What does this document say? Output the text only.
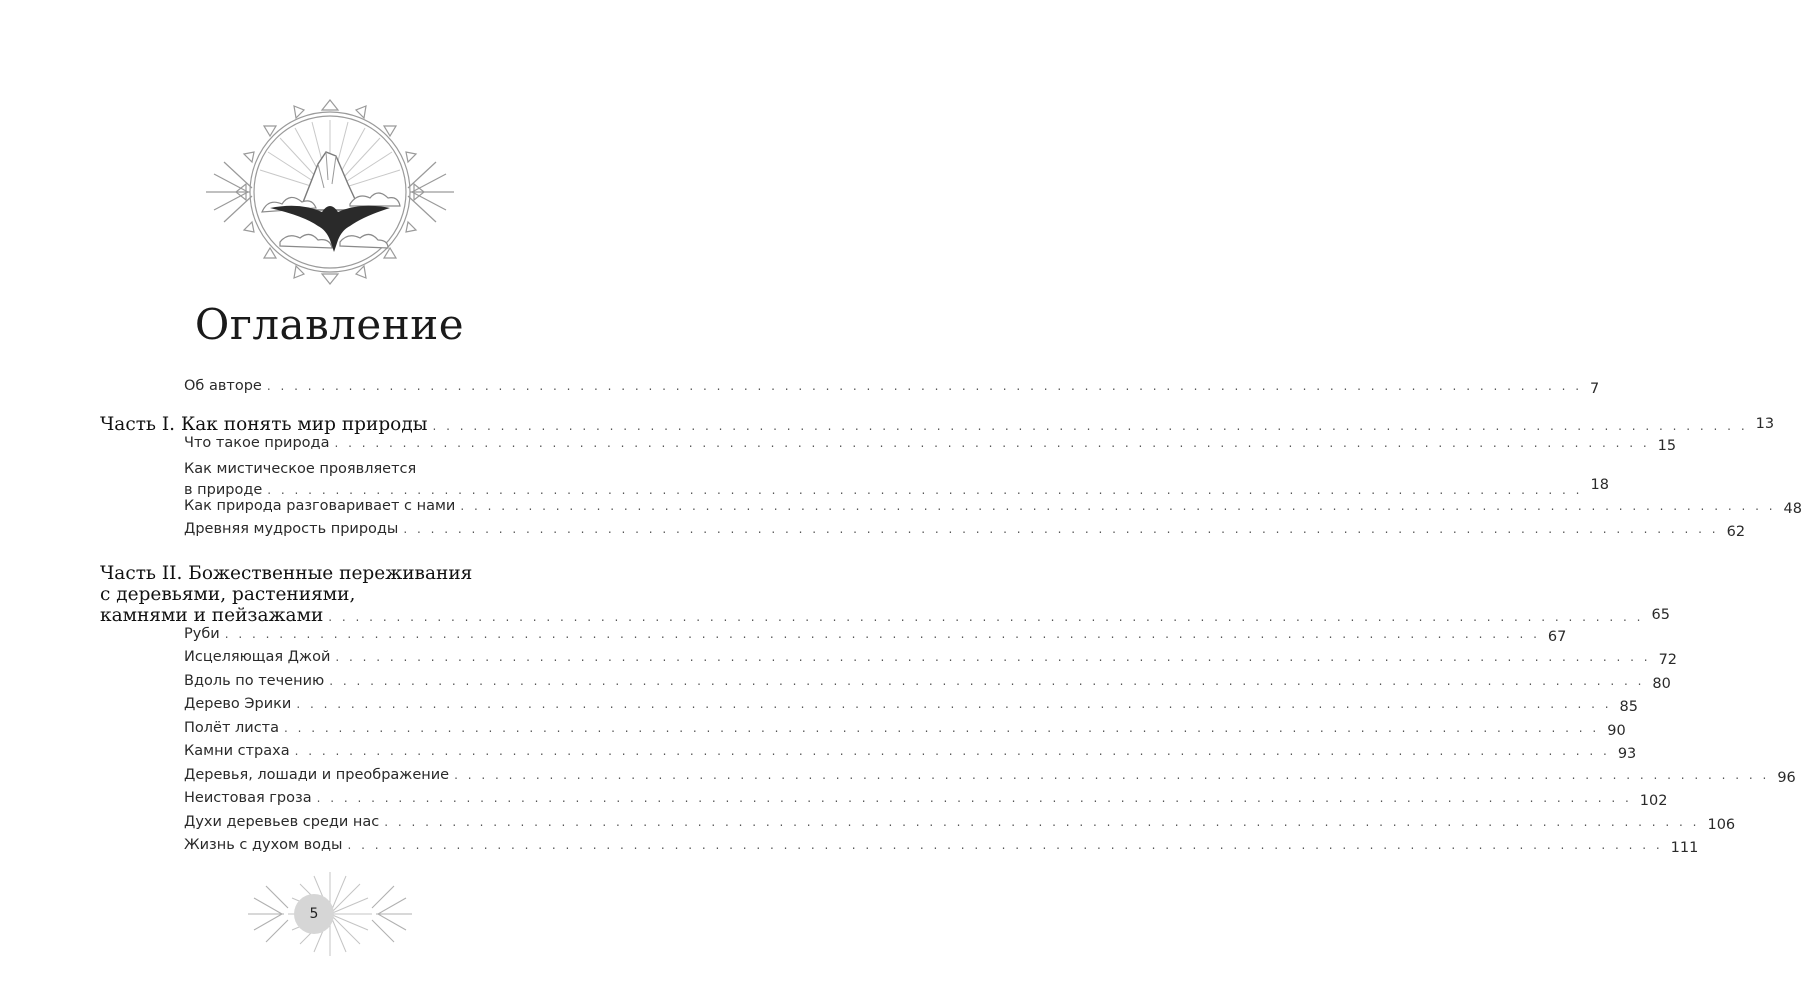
Оглавление
Об авторе . . .	7
Часть I. Как понять мир природы . . .	13
Что такое природа . . .	15
Как мистическое проявляется
в природе . . .	18
Как природа разговаривает с нами . . .	48
Древняя мудрость природы . . .	62
Часть II. Божественные переживания
с деревьями, растениями,
камнями и пейзажами . . .	65
Руби . . .	67
Исцеляющая Джой . . .	72
Вдоль по течению . . .	80
Дерево Эрики . . .	85
Полёт листа . . .	90
Камни страха . . .	93
Деревья, лошади и преображение . . .	96
Неистовая гроза . . .	102
Духи деревьев среди нас . . .	106
Жизнь с духом воды . . .	111
5
